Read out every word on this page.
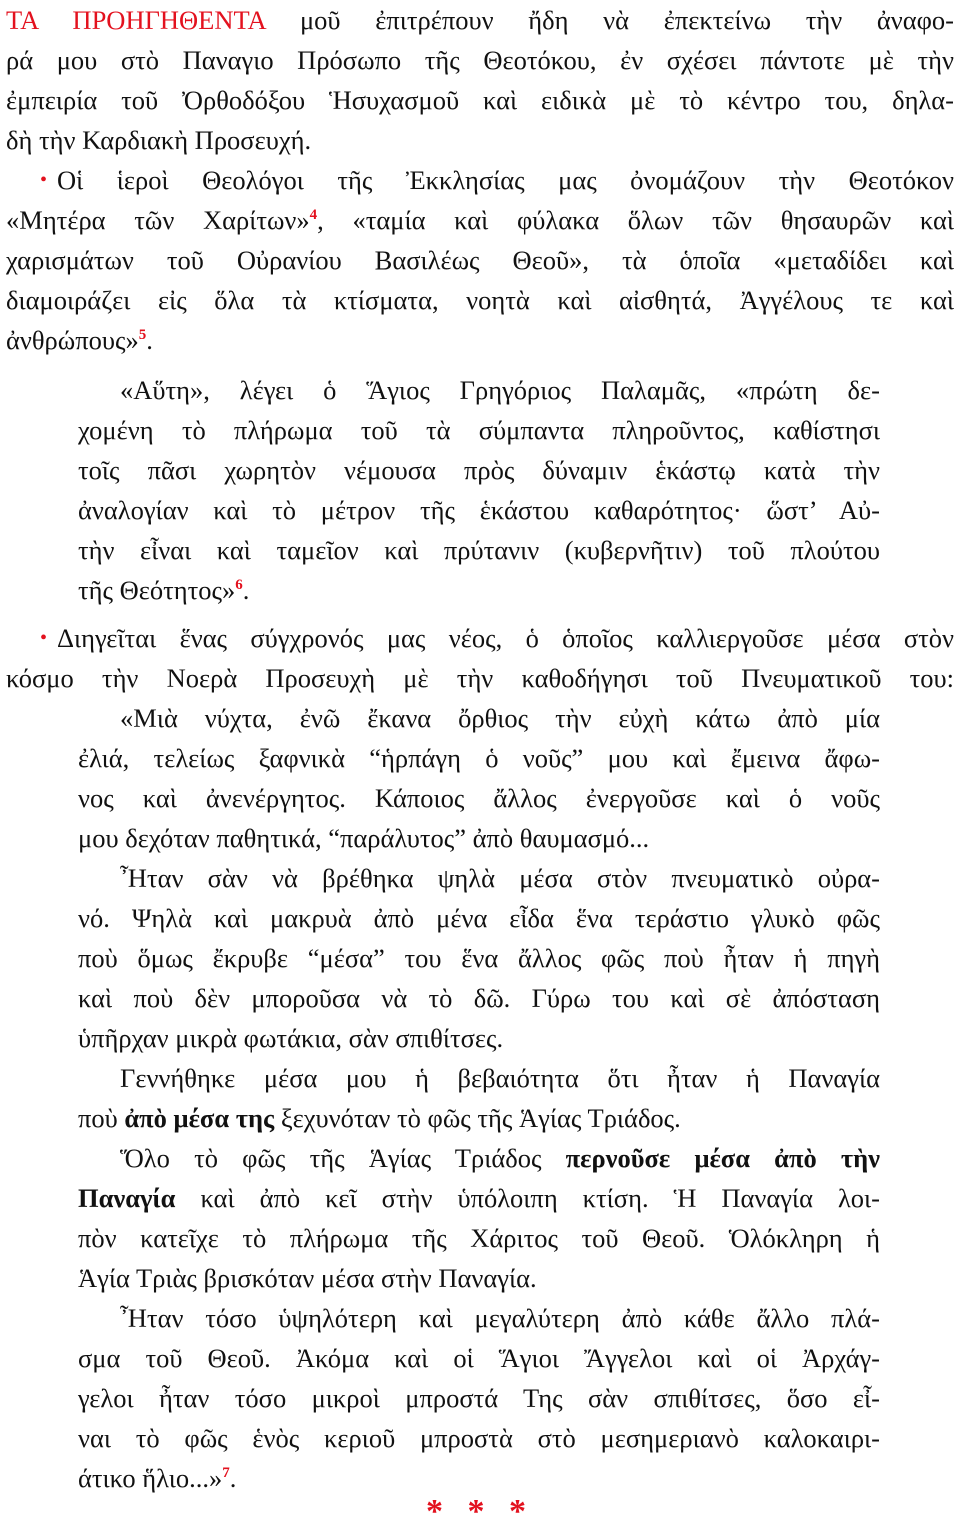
ΤΑ ΠΡΟΗΓΗΘΕΝΤΑ μοῦ ἐπιτρέπουν ἤδη νὰ ἐπεκτείνω τὴν ἀναφο-
ρά μου στὸ Παναγιο Πρόσωπο τῆς Θεοτόκου, ἐν σχέσει πάντοτε μὲ τὴν
ἐμπειρία τοῦ Ὀρθοδόξου Ἡσυχασμοῦ καὶ ειδικὰ μὲ τὸ κέντρο του, δηλα-
δὴ τὴν Καρδιακὴ Προσευχή.
• Οἱ ἱεροὶ Θεολόγοι τῆς Ἐκκλησίας μας ὀνομάζουν τὴν Θεοτόκον
«Μητέρα τῶν Χαρίτων»$^4$, «ταμία καὶ φύλακα ὅλων τῶν θησαυρῶν καὶ
χαρισμάτων τοῦ Οὐρανίου Βασιλέως Θεοῦ», τὰ ὁποῖα «μεταδίδει καὶ
διαμοιράζει εἰς ὅλα τὰ κτίσματα, νοητὰ καὶ αἰσθητά, Ἀγγέλους τε καὶ
ἀνθρώπους»$^5$.
«Αὕτη», λέγει ὁ Ἅγιος Γρηγόριος Παλαμᾶς, «πρώτη δε-
χομένη τὸ πλήρωμα τοῦ τὰ σύμπαντα πληροῦντος, καθίστησι
τοῖς πᾶσι χωρητὸν νέμουσα πρὸς δύναμιν ἑκάστῳ κατὰ τὴν
ἀναλογίαν καὶ τὸ μέτρον τῆς ἑκάστου καθαρότητος· ὥστ’ Αὐ-
τὴν εἶναι καὶ ταμεῖον καὶ πρύτανιν (κυβερνῆτιν) τοῦ πλούτου
τῆς Θεότητος»$^6$.
• Διηγεῖται ἕνας σύγχρονός μας νέος, ὁ ὁποῖος καλλιεργοῦσε μέσα στὸν
κόσμο τὴν Νοερὰ Προσευχὴ μὲ τὴν καθοδήγησι τοῦ Πνευματικοῦ του:
«Μιὰ νύχτα, ἐνῶ ἔκανα ὄρθιος τὴν εὐχὴ κάτω ἀπὸ μία
ἐλιά, τελείως ξαφνικὰ “ἡρπάγη ὁ νοῦς” μου καὶ ἔμεινα ἄφω-
νος καὶ ἀνενέργητος. Κάποιος ἄλλος ἐνεργοῦσε καὶ ὁ νοῦς
μου δεχόταν παθητικά, “παράλυτος” ἀπὸ θαυμασμό...
Ἦταν σὰν νὰ βρέθηκα ψηλὰ μέσα στὸν πνευματικὸ οὐρα-
νό. Ψηλὰ καὶ μακρυὰ ἀπὸ μένα εἶδα ἕνα τεράστιο γλυκὸ φῶς
ποὺ ὅμως ἔκρυβε “μέσα” του ἕνα ἄλλος φῶς ποὺ ἦταν ἡ πηγὴ
καὶ ποὺ δὲν μποροῦσα νὰ τὸ δῶ. Γύρω του καὶ σὲ ἀπόσταση
ὑπῆρχαν μικρὰ φωτάκια, σὰν σπιθίτσες.
Γεννήθηκε μέσα μου ἡ βεβαιότητα ὅτι ἦταν ἡ Παναγία
ποὺ ἀπὸ μέσα της ξεχυνόταν τὸ φῶς τῆς Ἁγίας Τριάδος.
Ὅλο τὸ φῶς τῆς Ἁγίας Τριάδος περνοῦσε μέσα ἀπὸ τὴν
Παναγία καὶ ἀπὸ κεῖ στὴν ὑπόλοιπη κτίση. Ἡ Παναγία λοι-
πὸν κατεῖχε τὸ πλήρωμα τῆς Χάριτος τοῦ Θεοῦ. Ὁλόκληρη ἡ
Ἁγία Τριὰς βρισκόταν μέσα στὴν Παναγία.
Ἦταν τόσο ὑψηλότερη καὶ μεγαλύτερη ἀπὸ κάθε ἄλλο πλά-
σμα τοῦ Θεοῦ. Ἀκόμα καὶ οἱ Ἅγιοι Ἄγγελοι καὶ οἱ Ἀρχάγ-
γελοι ἦταν τόσο μικροὶ μπροστά Της σὰν σπιθίτσες, ὅσο εἶ-
ναι τὸ φῶς ἑνὸς κεριοῦ μπροστὰ στὸ μεσημεριανὸ καλοκαιρι-
άτικο ἥλιο...»$^7$.
* * *
